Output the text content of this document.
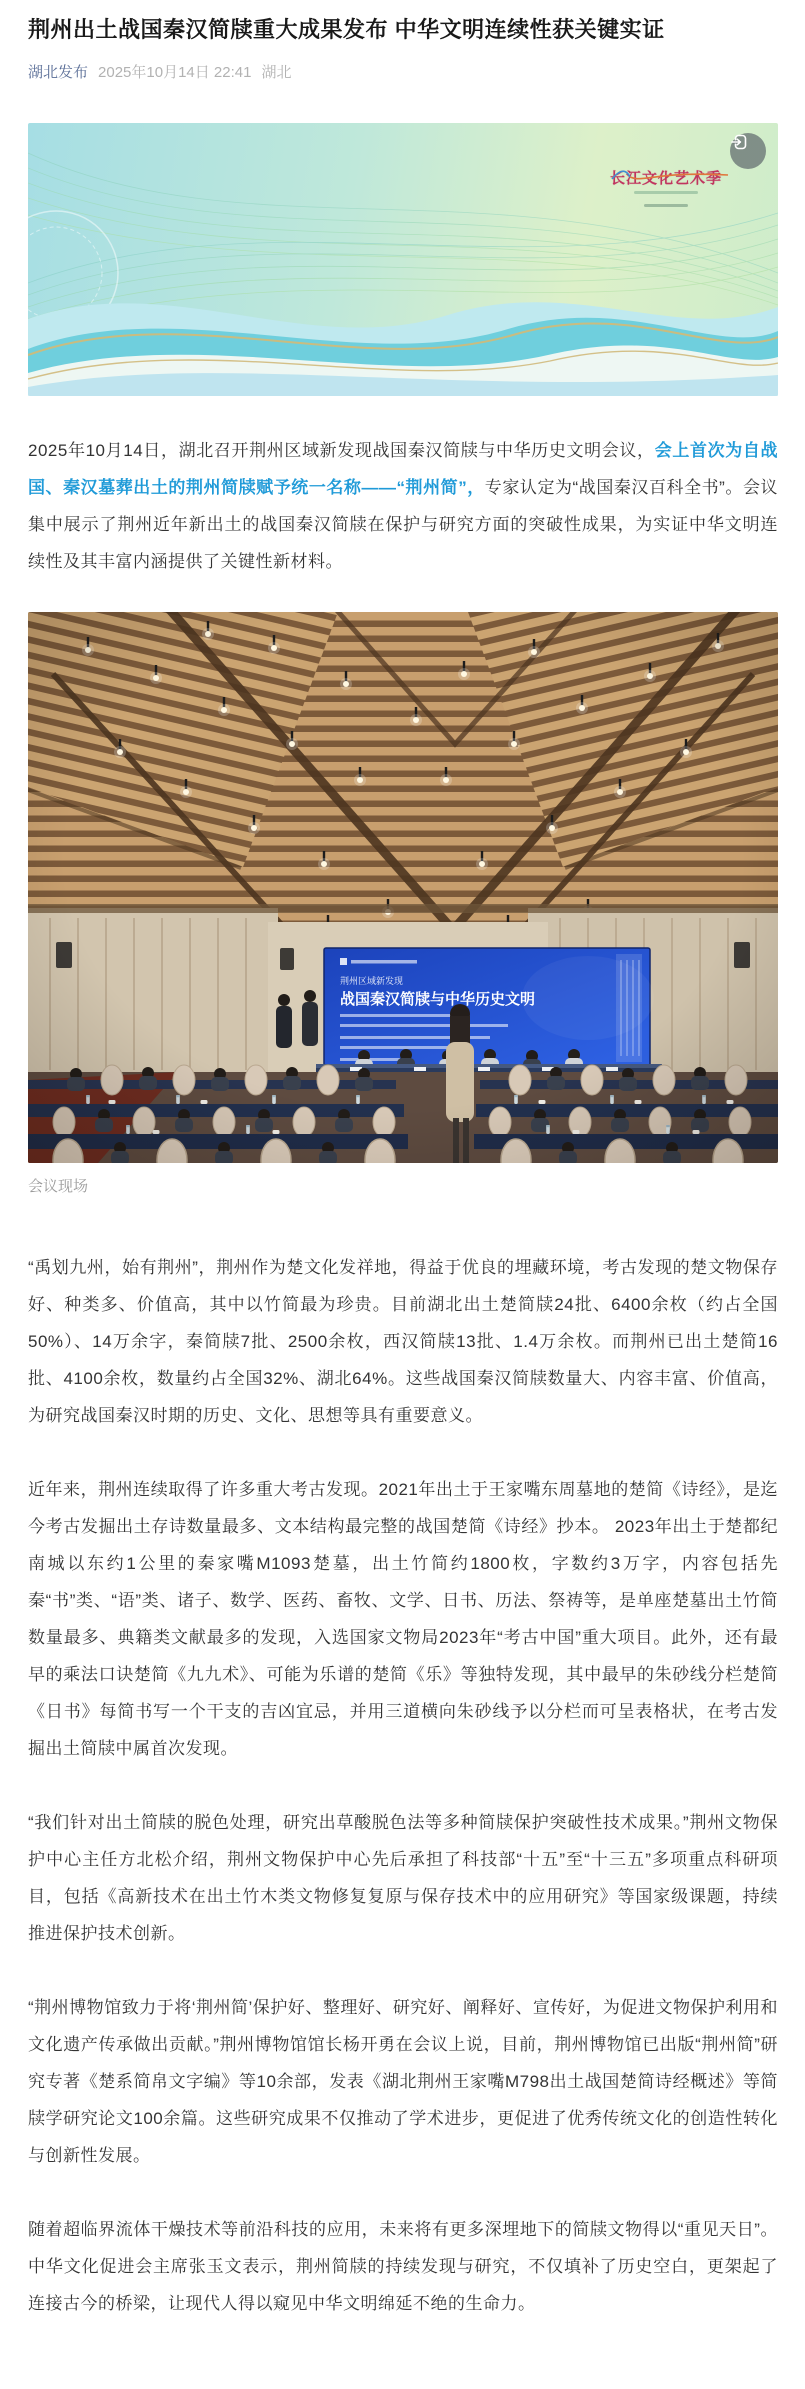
荆州出土战国秦汉简牍重大成果发布 中华文明连续性获关键实证
湖北发布 2025年10月14日 22:41 湖北
长江文化艺术季

2025年10月14日，湖北召开荆州区域新发现战国秦汉简牍与中华历史文明会议，会上首次为自战国、秦汉墓葬出土的荆州简牍赋予统一名称——“荆州简”，专家认定为“战国秦汉百科全书”。会议集中展示了荆州近年新出土的战国秦汉简牍在保护与研究方面的突破性成果，为实证中华文明连续性及其丰富内涵提供了关键性新材料。

会议现场

“禹划九州，始有荆州”，荆州作为楚文化发祥地，得益于优良的埋藏环境，考古发现的楚文物保存好、种类多、价值高，其中以竹简最为珍贵。目前湖北出土楚简牍24批、6400余枚（约占全国50%）、14万余字，秦简牍7批、2500余枚，西汉简牍13批、1.4万余枚。而荆州已出土楚简16批、4100余枚，数量约占全国32%、湖北64%。这些战国秦汉简牍数量大、内容丰富、价值高，为研究战国秦汉时期的历史、文化、思想等具有重要意义。

近年来，荆州连续取得了许多重大考古发现。2021年出土于王家嘴东周墓地的楚简《诗经》，是迄今考古发掘出土存诗数量最多、文本结构最完整的战国楚简《诗经》抄本。 2023年出土于楚都纪南城以东约1公里的秦家嘴M1093楚墓，出土竹简约1800枚，字数约3万字，内容包括先秦“书”类、“语”类、诸子、数学、医药、畜牧、文学、日书、历法、祭祷等，是单座楚墓出土竹简数量最多、典籍类文献最多的发现，入选国家文物局2023年“考古中国”重大项目。此外，还有最早的乘法口诀楚简《九九术》、可能为乐谱的楚简《乐》等独特发现，其中最早的朱砂线分栏楚简《日书》每简书写一个干支的吉凶宜忌，并用三道横向朱砂线予以分栏而可呈表格状，在考古发掘出土简牍中属首次发现。

“我们针对出土简牍的脱色处理，研究出草酸脱色法等多种简牍保护突破性技术成果。”荆州文物保护中心主任方北松介绍，荆州文物保护中心先后承担了科技部“十五”至“十三五”多项重点科研项目，包括《高新技术在出土竹木类文物修复复原与保存技术中的应用研究》等国家级课题，持续推进保护技术创新。

“荆州博物馆致力于将‘荆州简’保护好、整理好、研究好、阐释好、宣传好，为促进文物保护利用和文化遗产传承做出贡献。”荆州博物馆馆长杨开勇在会议上说，目前，荆州博物馆已出版“荆州简”研究专著《楚系简帛文字编》等10余部，发表《湖北荆州王家嘴M798出土战国楚简诗经概述》等简牍学研究论文100余篇。这些研究成果不仅推动了学术进步，更促进了优秀传统文化的创造性转化与创新性发展。

随着超临界流体干燥技术等前沿科技的应用，未来将有更多深埋地下的简牍文物得以“重见天日”。中华文化促进会主席张玉文表示，荆州简牍的持续发现与研究，不仅填补了历史空白，更架起了连接古今的桥梁，让现代人得以窥见中华文明绵延不绝的生命力。
